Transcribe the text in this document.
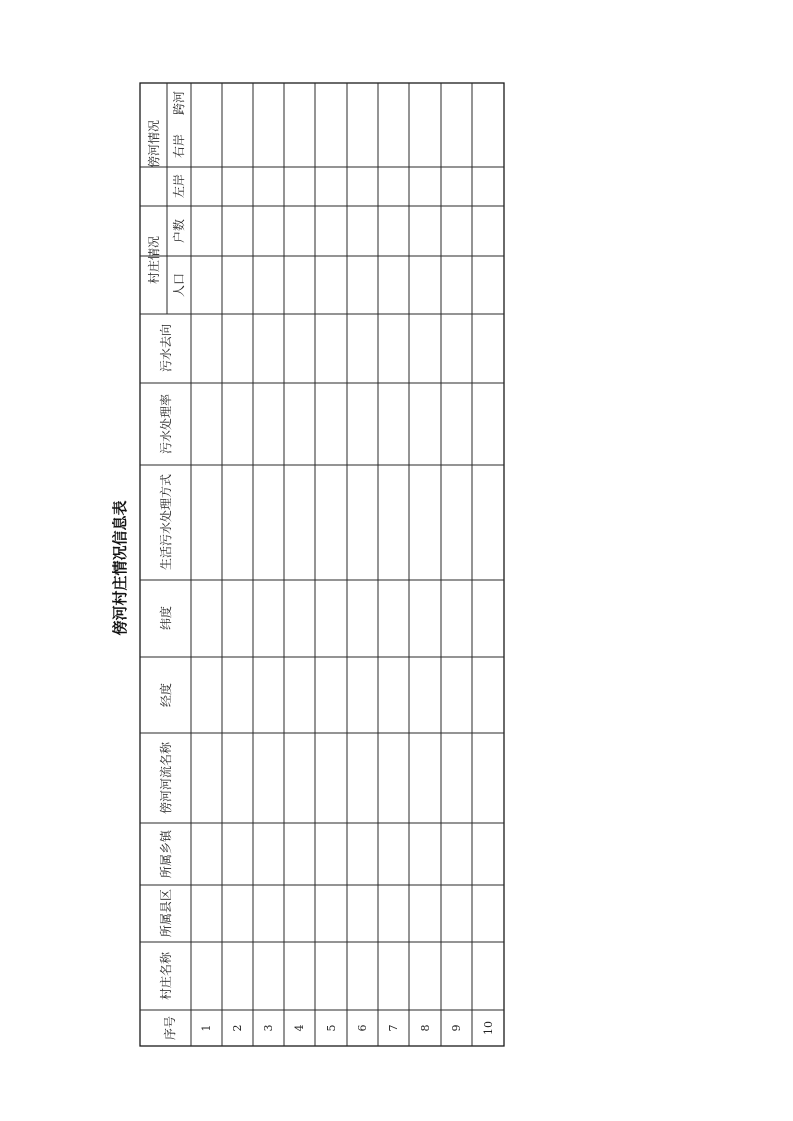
傍河村庄情况信息表
序号
村庄名称
所属县区
所属乡镇
傍河河流名称
经度
纬度
生活污水处理方式
污水处理率
污水去向
村庄情况
人口
户数
傍河情况
左岸
右岸
跨河
1 2 3 4 5 6 7 8 9 10
